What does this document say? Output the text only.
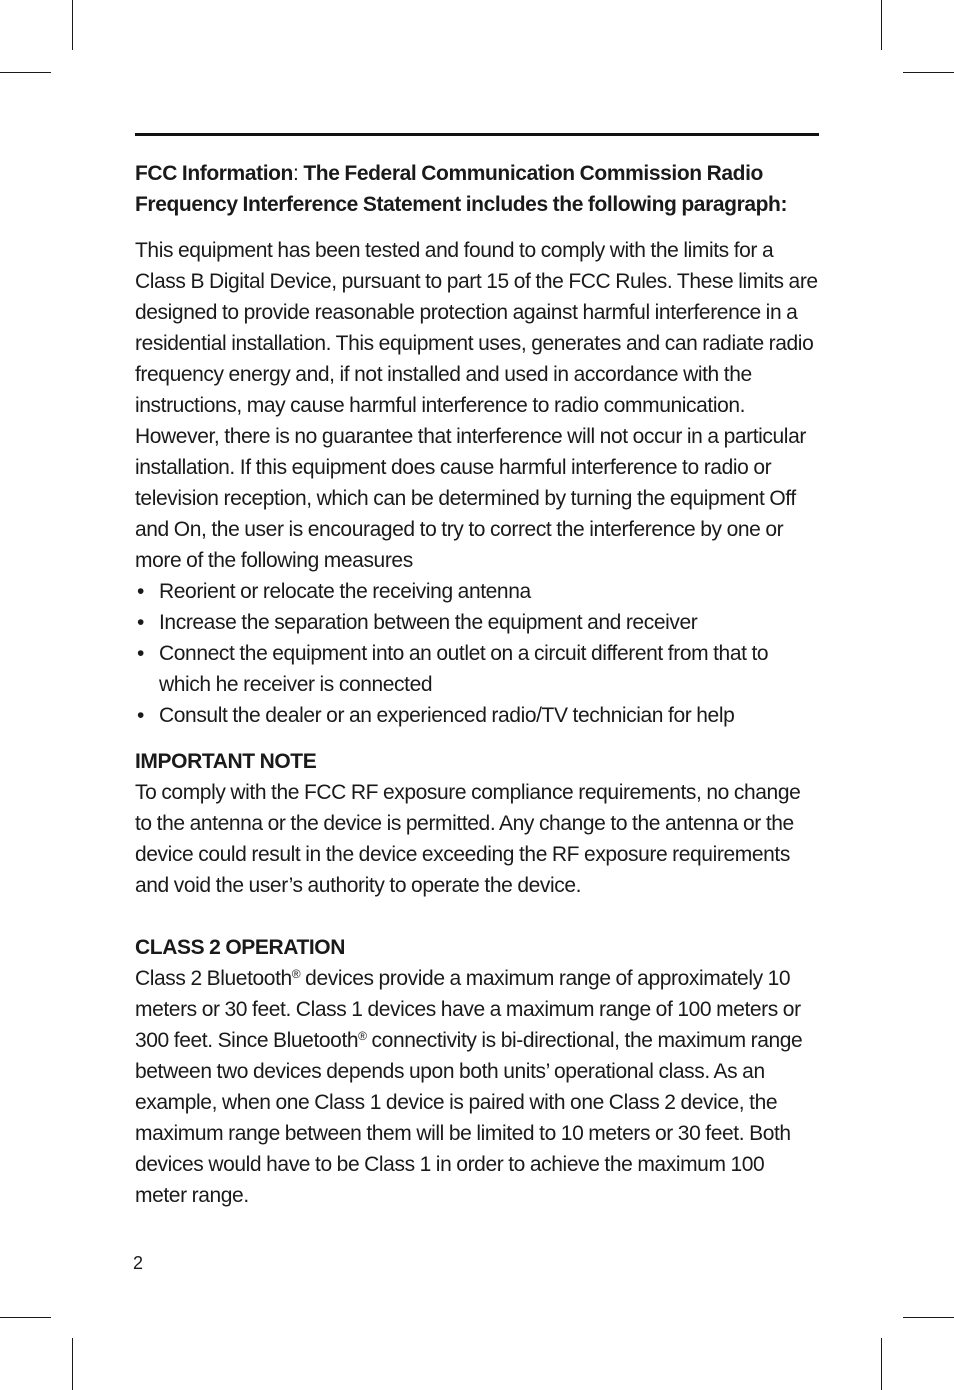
FCC Information: The Federal Communication Commission Radio Frequency Interference Statement includes the following paragraph:

This equipment has been tested and found to comply with the limits for a Class B Digital Device, pursuant to part 15 of the FCC Rules. These limits are designed to provide reasonable protection against harmful interference in a residential installation. This equipment uses, generates and can radiate radio frequency energy and, if not installed and used in accordance with the instructions, may cause harmful interference to radio communication. However, there is no guarantee that interference will not occur in a particular installation. If this equipment does cause harmful interference to radio or television reception, which can be determined by turning the equipment Off and On, the user is encouraged to try to correct the interference by one or more of the following measures

• Reorient or relocate the receiving antenna
• Increase the separation between the equipment and receiver
• Connect the equipment into an outlet on a circuit different from that to which he receiver is connected
• Consult the dealer or an experienced radio/TV technician for help

IMPORTANT NOTE

To comply with the FCC RF exposure compliance requirements, no change to the antenna or the device is permitted. Any change to the antenna or the device could result in the device exceeding the RF exposure requirements and void the user’s authority to operate the device.

CLASS 2 OPERATION

Class 2 Bluetooth® devices provide a maximum range of approximately 10 meters or 30 feet. Class 1 devices have a maximum range of 100 meters or 300 feet. Since Bluetooth® connectivity is bi-directional, the maximum range between two devices depends upon both units’ operational class. As an example, when one Class 1 device is paired with one Class 2 device, the maximum range between them will be limited to 10 meters or 30 feet. Both devices would have to be Class 1 in order to achieve the maximum 100 meter range.

2
